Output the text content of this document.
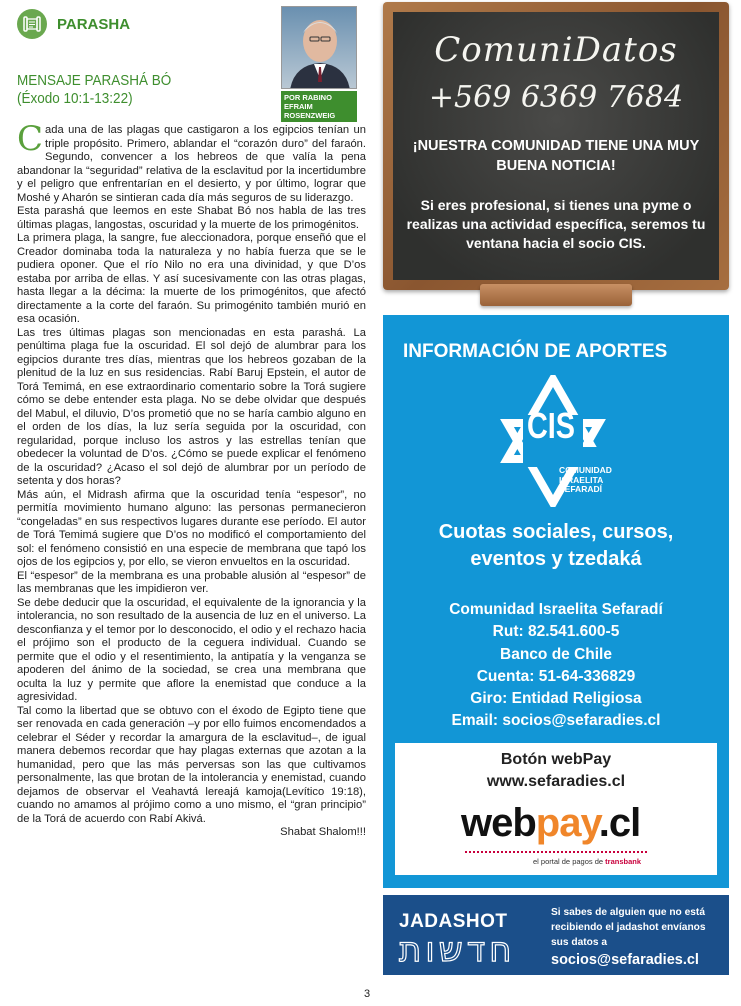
PARASHA
POR RABINO
EFRAIM ROSENZWEIG
MENSAJE PARASHÁ BÓ
(Éxodo 10:1-13:22)

Cada una de las plagas que castigaron a los egipcios tenían un triple propósito. Primero, ablandar el “corazón duro” del faraón. Segundo, convencer a los hebreos de que valía la pena abandonar la “seguridad” relativa de la esclavitud por la incertidumbre y el peligro que enfrentarían en el desierto, y por último, lograr que Moshé y Aharón se sintieran cada día más seguros de su liderazgo.

Esta parashá que leemos en este Shabat Bó nos habla de las tres últimas plagas, langostas, oscuridad y la muerte de los primogénitos.

La primera plaga, la sangre, fue aleccionadora, porque enseñó que el Creador dominaba toda la naturaleza y no había fuerza que se le pudiera oponer. Que el río Nilo no era una divinidad, y que D’os estaba por arriba de ellas. Y así sucesivamente con las otras plagas, hasta llegar a la décima: la muerte de los primogénitos, que afectó directamente a la corte del faraón. Su primogénito también murió en esa ocasión.

Las tres últimas plagas son mencionadas en esta parashá. La penúltima plaga fue la oscuridad. El sol dejó de alumbrar para los egipcios durante tres días, mientras que los hebreos gozaban de la plenitud de la luz en sus residencias. Rabí Baruj Epstein, el autor de Torá Temimá, en ese extraordinario comentario sobre la Torá sugiere cómo se debe entender esta plaga. No se debe olvidar que después del Mabul, el diluvio, D’os prometió que no se haría cambio alguno en el orden de los días, la luz sería seguida por la oscuridad, con regularidad, porque incluso los astros y las estrellas tenían que obedecer la voluntad de D’os. ¿Cómo se puede explicar el fenómeno de la oscuridad? ¿Acaso el sol dejó de alumbrar por un período de setenta y dos horas?

Más aún, el Midrash afirma que la oscuridad tenía “espesor”, no permitía movimiento humano alguno: las personas permanecieron “congeladas” en sus respectivos lugares durante ese período. El autor de Torá Temimá sugiere que D’os no modificó el comportamiento del sol: el fenómeno consistió en una especie de membrana que tapó los ojos de los egipcios y, por ello, se vieron envueltos en la oscuridad.

El “espesor” de la membrana es una probable alusión al “espesor” de las membranas que les impidieron ver.

Se debe deducir que la oscuridad, el equivalente de la ignorancia y la intolerancia, no son resultado de la ausencia de luz en el universo. La desconfianza y el temor por lo desconocido, el odio y el rechazo hacia el prójimo son el producto de la ceguera individual. Cuando se permite que el odio y el resentimiento, la antipatía y la venganza se apoderen del ánimo de la sociedad, se crea una membrana que oculta la luz y permite que aflore la enemistad que conduce a la agresividad.

Tal como la libertad que se obtuvo con el éxodo de Egipto tiene que ser renovada en cada generación –y por ello fuimos encomendados a celebrar el Séder y recordar la amargura de la esclavitud–, de igual manera debemos recordar que hay plagas externas que azotan a la humanidad, pero que las más perversas son las que cultivamos personalmente, las que brotan de la intolerancia y enemistad, cuando dejamos de observar el Veahavtá lereajá kamoja(Levítico 19:18), cuando no amamos al prójimo como a uno mismo, el “gran principio” de la Torá de acuerdo con Rabí Akivá.

Shabat Shalom!!!

3
ComuniDatos
+569 6369 7684
¡NUESTRA COMUNIDAD TIENE UNA MUY BUENA NOTICIA!
Si eres profesional, si tienes una pyme o realizas una actividad específica, seremos tu ventana hacia el socio CIS.
INFORMACIÓN DE APORTES
CIS
COMUNIDAD
ISRAELITA
SEFARADÍ
Cuotas sociales, cursos,
eventos y tzedaká
Comunidad Israelita Sefaradí
Rut: 82.541.600-5
Banco de Chile
Cuenta: 51-64-336829
Giro: Entidad Religiosa
Email: socios@sefaradies.cl
Botón webPay
www.sefaradies.cl
webpay.cl
el portal de pagos de transbank
JADASHOT
חדשות
Si sabes de alguien que no está recibiendo el jadashot envíanos sus datos a
socios@sefaradies.cl
